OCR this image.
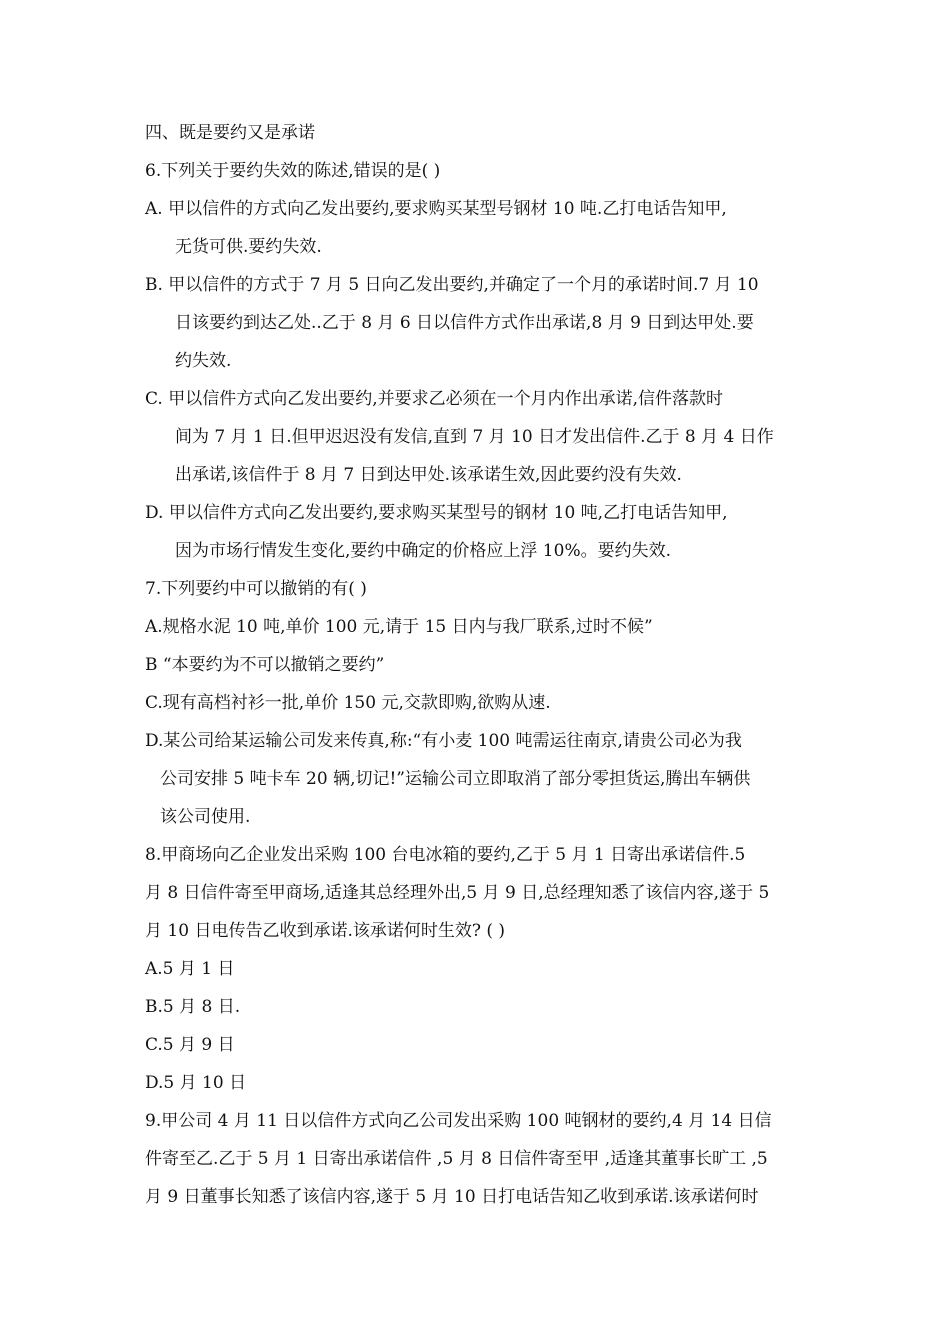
四、既是要约又是承诺
6.下列关于要约失效的陈述,错误的是( )
A. 甲以信件的方式向乙发出要约,要求购买某型号钢材 10 吨.乙打电话告知甲,
无货可供.要约失效.
B. 甲以信件的方式于 7 月 5 日向乙发出要约,并确定了一个月的承诺时间.7 月 10
日该要约到达乙处..乙于 8 月 6 日以信件方式作出承诺,8 月 9 日到达甲处.要
约失效.
C. 甲以信件方式向乙发出要约,并要求乙必须在一个月内作出承诺,信件落款时
间为 7 月 1 日.但甲迟迟没有发信,直到 7 月 10 日才发出信件.乙于 8 月 4 日作
出承诺,该信件于 8 月 7 日到达甲处.该承诺生效,因此要约没有失效.
D. 甲以信件方式向乙发出要约,要求购买某型号的钢材 10 吨,乙打电话告知甲,
因为市场行情发生变化,要约中确定的价格应上浮 10%。要约失效.
7.下列要约中可以撤销的有( )
A.规格水泥 10 吨,单价 100 元,请于 15 日内与我厂联系,过时不候”
B “本要约为不可以撤销之要约”
C.现有高档衬衫一批,单价 150 元,交款即购,欲购从速.
D.某公司给某运输公司发来传真,称:“有小麦 100 吨需运往南京,请贵公司必为我
公司安排 5 吨卡车 20 辆,切记!”运输公司立即取消了部分零担货运,腾出车辆供
该公司使用.
8.甲商场向乙企业发出采购 100 台电冰箱的要约,乙于 5 月 1 日寄出承诺信件.5
月 8 日信件寄至甲商场,适逢其总经理外出,5 月 9 日,总经理知悉了该信内容,遂于 5
月 10 日电传告乙收到承诺.该承诺何时生效? ( )
A.5 月 1 日
B.5 月 8 日.
C.5 月 9 日
D.5 月 10 日
9.甲公司 4 月 11 日以信件方式向乙公司发出采购 100 吨钢材的要约,4 月 14 日信
件寄至乙.乙于 5 月 1 日寄出承诺信件 ,5 月 8 日信件寄至甲 ,适逢其董事长旷工 ,5
月 9 日董事长知悉了该信内容,遂于 5 月 10 日打电话告知乙收到承诺.该承诺何时
